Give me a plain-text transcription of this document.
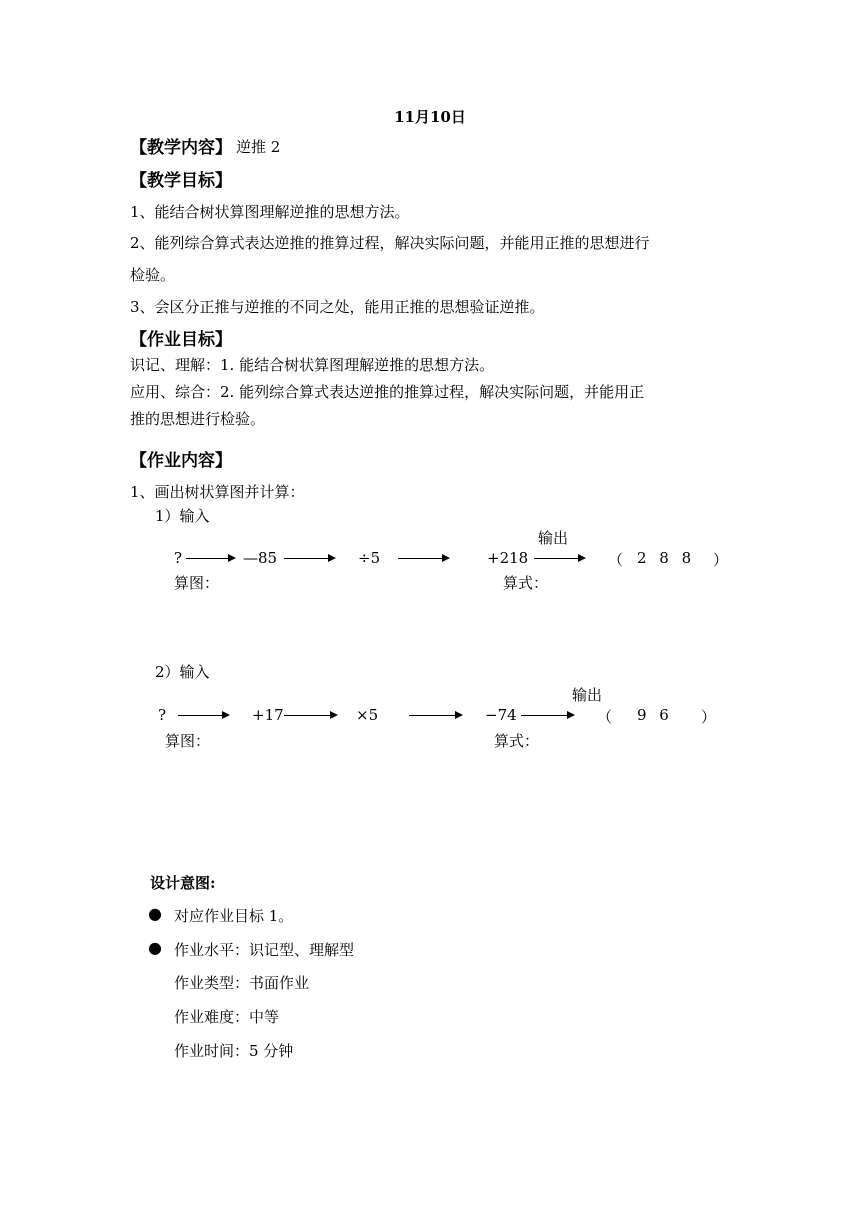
11月10日
【教学内容】 逆推 2
【教学目标】
1、能结合树状算图理解逆推的思想方法。
2、能列综合算式表达逆推的推算过程，解决实际问题，并能用正推的思想进行
检验。
3、会区分正推与逆推的不同之处，能用正推的思想验证逆推。
【作业目标】
识记、理解：1. 能结合树状算图理解逆推的思想方法。
应用、综合：2. 能列综合算式表达逆推的推算过程，解决实际问题，并能用正
推的思想进行检验。
【作业内容】
1、画出树状算图并计算：
1）输入
输出
?	—85	÷5	+218	（ 2 8 8 ）
算图：	算式：
2）输入
输出
?	+17	×5	−74	（ 9 6 ）
算图：	算式：
设计意图:
● 对应作业目标 1。
● 作业水平：识记型、理解型
作业类型：书面作业
作业难度：中等
作业时间：5 分钟
